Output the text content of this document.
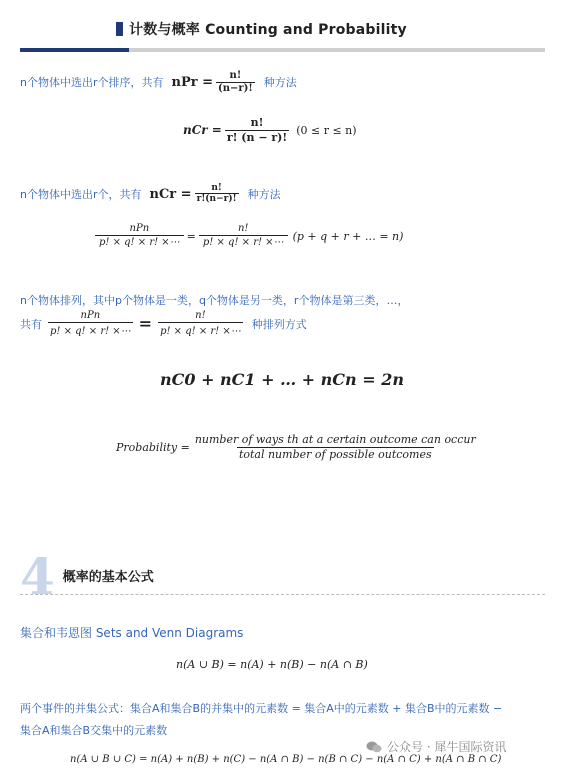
计数与概率 Counting and Probability
n个物体中选出r个排序，共有 nPr = $\frac{n!}{(n-r)!}$ 种方法
nCr = $\frac{n!}{r! (n - r)!} (0 \le r \le n)$
n个物体中选出r个，共有 nCr = $\frac{n!}{r!(n-r)!}$ 种方法
$\frac{\text{nPn}}{p! \times q! \times r! \times\cdots} = \frac{n!}{p! \times q! \times r! \times\cdots} (p + q + r$ + … = n)
n个物体排列，其中p个物体是一类，q个物体是另一类，r个物体是第三类，…，
共有 $\frac{\text{nPn}}{p! \times q! \times r! \times\cdots} = \frac{n!}{p! \times q! \times r! \times\cdots}$ 种排列方式
nC0 + nC1 + … + nCn = 2n
Probability = $\frac{\text{number of ways th at a certain outcome can occur}}{\text{total number of possible outcomes}}$
4 概率的基本公式
集合和韦恩图 Sets and Venn Diagrams
n(A ∪ B) = n(A) + n(B) − n(A ∩ B)
两个事件的并集公式：集合A和集合B的并集中的元素数 = 集合A中的元素数 + 集合B中的元素数 −
集合A和集合B交集中的元素数
n(A ∪ B ∪ C) = n(A) + n(B) + n(C) − n(A ∩ B) − n(B ∩ C) − n(A ∩ C) + n(A ∩ B ∩ C)
公众号 · 犀牛国际资讯
